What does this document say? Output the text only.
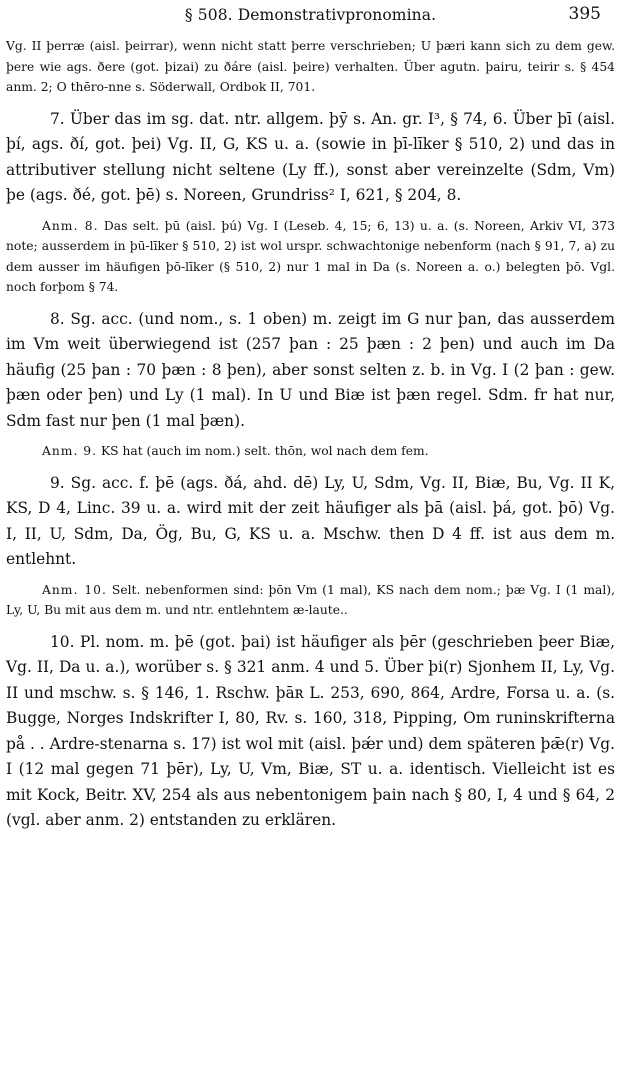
§ 508. Demonstrativpronomina.	395

Vg. II þerræ (aisl. þeirrar), wenn nicht statt þerre verschrieben; U þæri kann sich zu dem gew. þere wie ags. ðere (got. þizai) zu ðáre (aisl. þeire) verhalten. Über agutn. þairu, teirir s. § 454 anm. 2; O thēro-nne s. Söderwall, Ordbok II, 701.

7. Über das im sg. dat. ntr. allgem. þӯ s. An. gr. I³, § 74, 6. Über þī (aisl. þí, ags. ðí, got. þei) Vg. II, G, KS u. a. (sowie in þī-līker § 510, 2) und das in attributiver stellung nicht seltene (Ly ff.), sonst aber vereinzelte (Sdm, Vm) þe (ags. ðé, got. þē) s. Noreen, Grundriss² I, 621, § 204, 8.

Anm. 8. Das selt. þū (aisl. þú) Vg. I (Leseb. 4, 15; 6, 13) u. a. (s. Noreen, Arkiv VI, 373 note; ausserdem in þū-līker § 510, 2) ist wol urspr. schwachtonige nebenform (nach § 91, 7, a) zu dem ausser im häufigen þō-līker (§ 510, 2) nur 1 mal in Da (s. Noreen a. o.) belegten þō. Vgl. noch forþom § 74.

8. Sg. acc. (und nom., s. 1 oben) m. zeigt im G nur þan, das ausserdem im Vm weit überwiegend ist (257 þan : 25 þæn : 2 þen) und auch im Da häufig (25 þan : 70 þæn : 8 þen), aber sonst selten z. b. in Vg. I (2 þan : gew. þæn oder þen) und Ly (1 mal). In U und Biæ ist þæn regel. Sdm. fr hat nur, Sdm fast nur þen (1 mal þæn).

Anm. 9. KS hat (auch im nom.) selt. thōn, wol nach dem fem.

9. Sg. acc. f. þē (ags. ðá, ahd. dē) Ly, U, Sdm, Vg. II, Biæ, Bu, Vg. II K, KS, D 4, Linc. 39 u. a. wird mit der zeit häufiger als þā (aisl. þá, got. þō) Vg. I, II, U, Sdm, Da, Ög, Bu, G, KS u. a. Mschw. then D 4 ff. ist aus dem m. entlehnt.

Anm. 10. Selt. nebenformen sind: þōn Vm (1 mal), KS nach dem nom.; þæ Vg. I (1 mal), Ly, U, Bu mit aus dem m. und ntr. entlehntem æ-laute..

10. Pl. nom. m. þē (got. þai) ist häufiger als þēr (geschrieben þeer Biæ, Vg. II, Da u. a.), worüber s. § 321 anm. 4 und 5. Über þi(r) Sjonhem II, Ly, Vg. II und mschw. s. § 146, 1. Rschw. þāʀ L. 253, 690, 864, Ardre, Forsa u. a. (s. Bugge, Norges Indskrifter I, 80, Rv. s. 160, 318, Pipping, Om runinskrifterna på . . Ardre-stenarna s. 17) ist wol mit (aisl. þǽr und) dem späteren þǣ(r) Vg. I (12 mal gegen 71 þēr), Ly, U, Vm, Biæ, ST u. a. identisch. Vielleicht ist es mit Kock, Beitr. XV, 254 als aus nebentonigem þain nach § 80, I, 4 und § 64, 2 (vgl. aber anm. 2) entstanden zu erklären.
